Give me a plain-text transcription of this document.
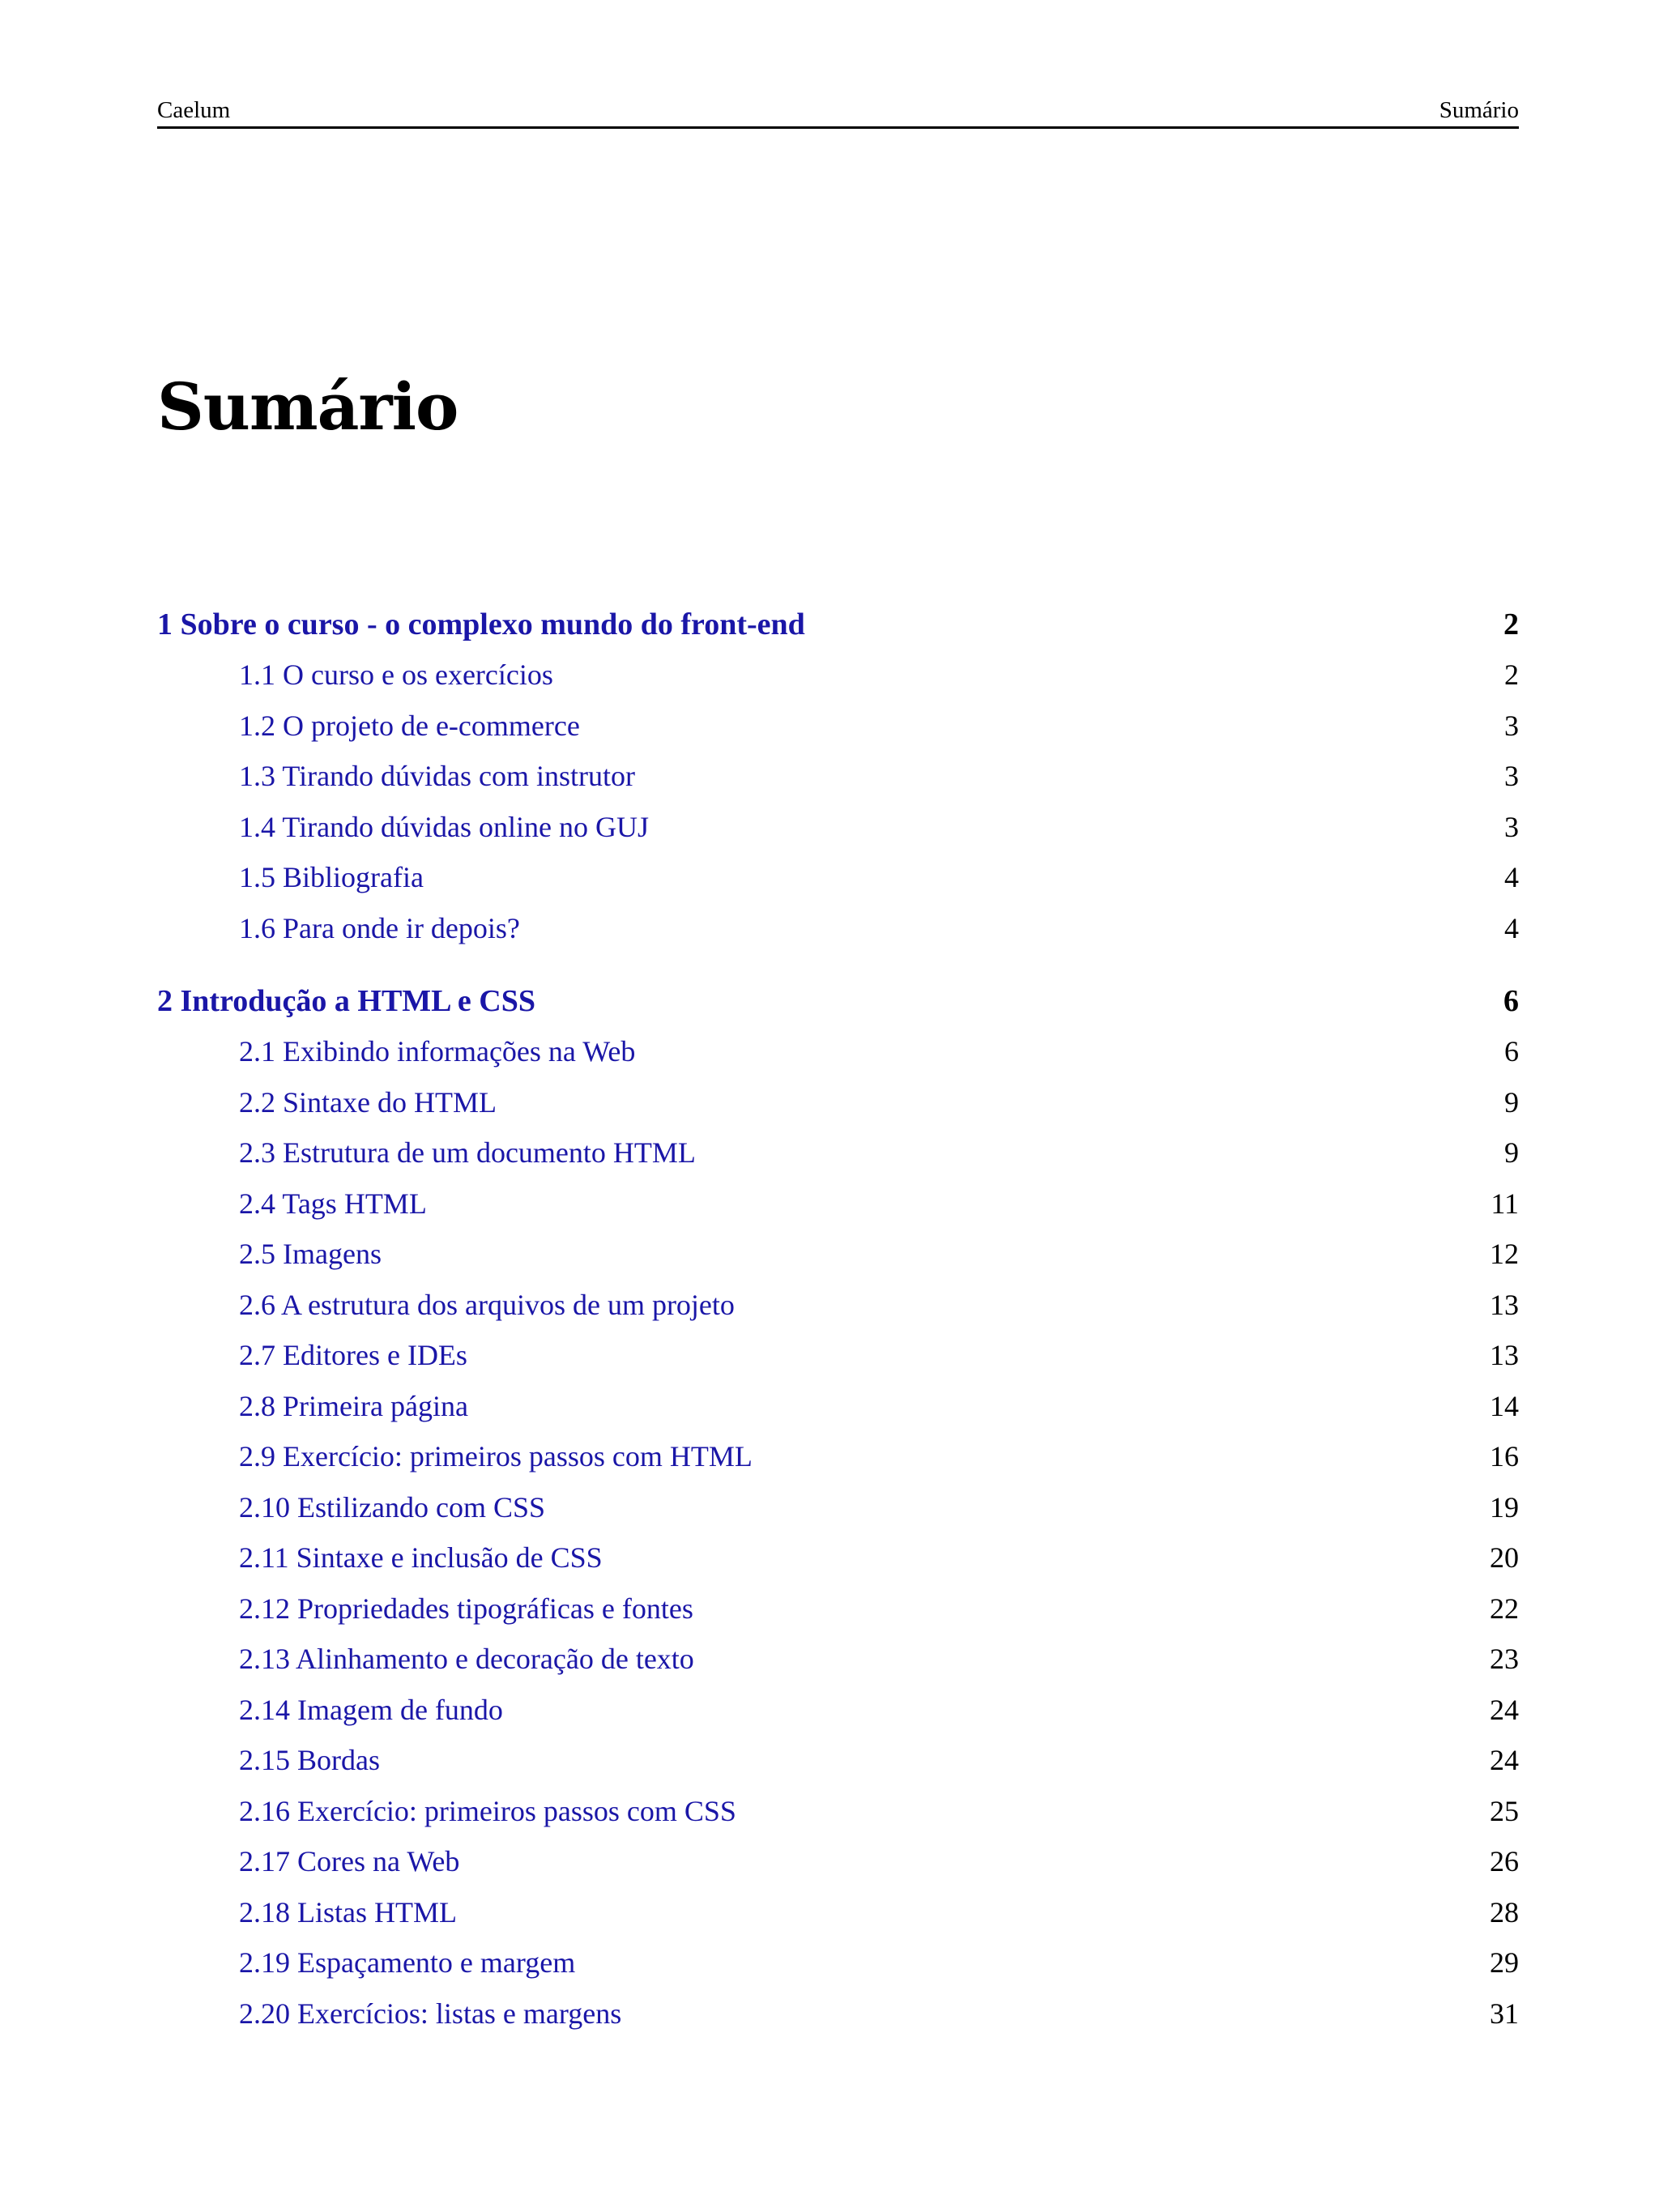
Caelum	Sumário
Sumário
1 Sobre o curso - o complexo mundo do front-end	2
1.1 O curso e os exercícios	2
1.2 O projeto de e-commerce	3
1.3 Tirando dúvidas com instrutor	3
1.4 Tirando dúvidas online no GUJ	3
1.5 Bibliografia	4
1.6 Para onde ir depois?	4
2 Introdução a HTML e CSS	6
2.1 Exibindo informações na Web	6
2.2 Sintaxe do HTML	9
2.3 Estrutura de um documento HTML	9
2.4 Tags HTML	11
2.5 Imagens	12
2.6 A estrutura dos arquivos de um projeto	13
2.7 Editores e IDEs	13
2.8 Primeira página	14
2.9 Exercício: primeiros passos com HTML	16
2.10 Estilizando com CSS	19
2.11 Sintaxe e inclusão de CSS	20
2.12 Propriedades tipográficas e fontes	22
2.13 Alinhamento e decoração de texto	23
2.14 Imagem de fundo	24
2.15 Bordas	24
2.16 Exercício: primeiros passos com CSS	25
2.17 Cores na Web	26
2.18 Listas HTML	28
2.19 Espaçamento e margem	29
2.20 Exercícios: listas e margens	31
